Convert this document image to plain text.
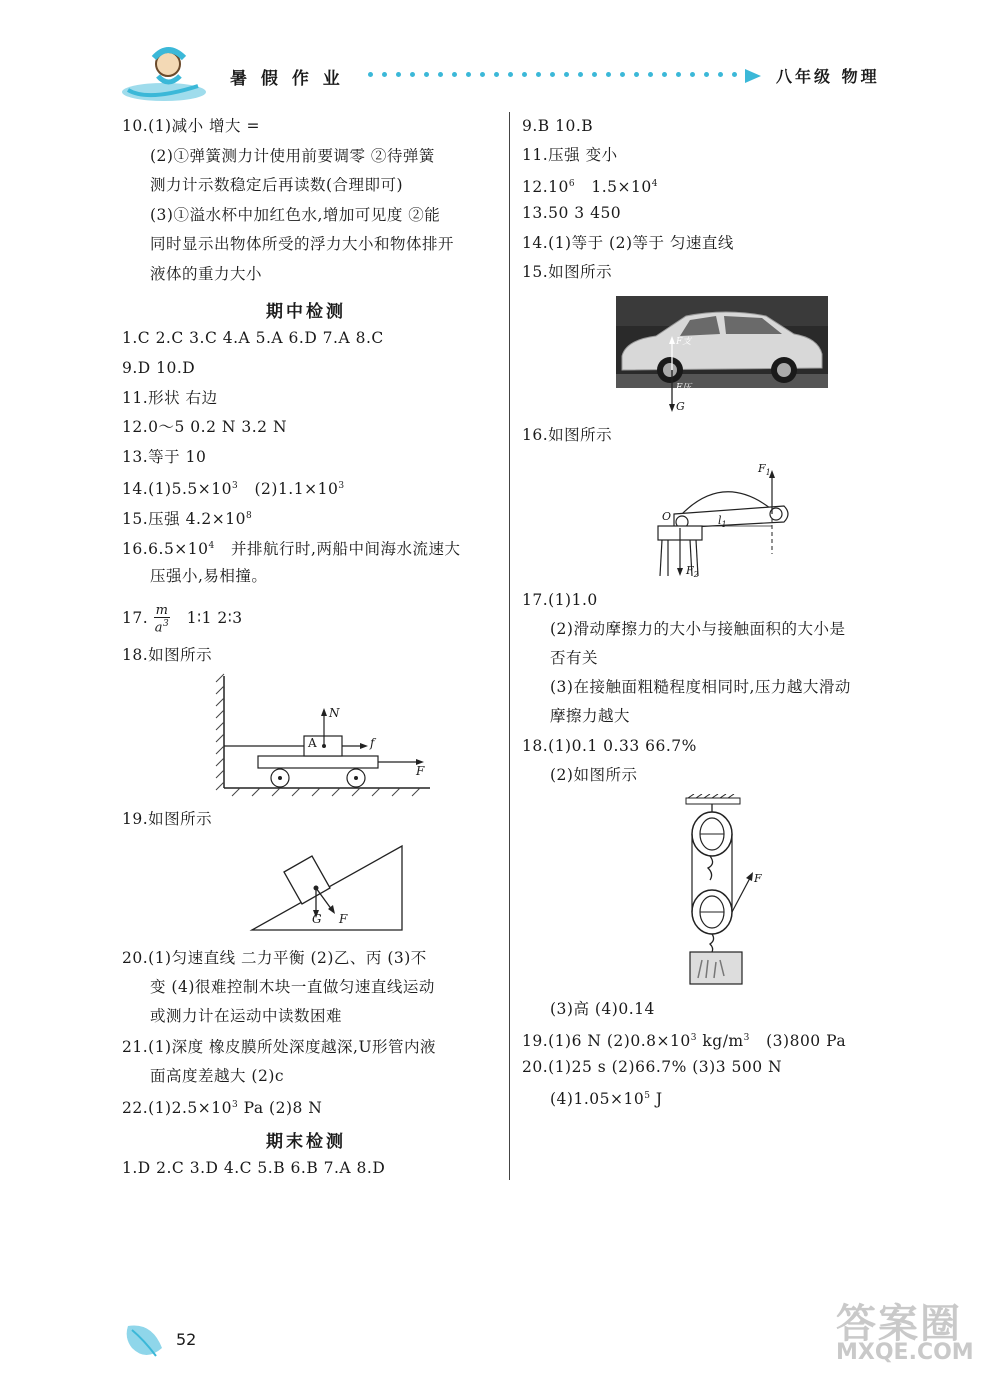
暑 假 作 业	八年级 物理
10.(1)减小 增大 =
(2)①弹簧测力计使用前要调零 ②待弹簧
测力计示数稳定后再读数(合理即可)
(3)①溢水杯中加红色水,增加可见度 ②能
同时显示出物体所受的浮力大小和物体排开
液体的重力大小
期中检测
1.C 2.C 3.C 4.A 5.A 6.D 7.A 8.C
9.D 10.D
11.形状 右边
12.0～5 0.2 N 3.2 N
13.等于 10
$14.(1)5.5\times 10^3$ $(2)1.1\times 10^3$
15.压强 $4.2\times 10^8$
$16.6.5\times 10^4$ 并排航行时,两船中间海水流速大
压强小,易相撞。
17. $\frac{m}{a^3}$ 1∶1 2∶3
18.如图所示
A
N
f
F
19.如图所示
G F
20.(1)匀速直线 二力平衡 (2)乙、丙 (3)不
变 (4)很难控制木块一直做匀速直线运动
或测力计在运动中读数困难
21.(1)深度 橡皮膜所处深度越深,U形管内液
面高度差越大 (2)c
$22.(1)2.5\times 10^3$ Pa (2)8 N
期末检测
1.D 2.C 3.D 4.C 5.B 6.B 7.A 8.D
9.B 10.B
11.压强 变小
12.10$^6$ $1.5\times 10^4$
13.50 3 450
14.(1)等于 (2)等于 匀速直线
15.如图所示
F支
F压
G
16.如图所示
$F_1$
O	$l_1$
$F_2$
17.(1)1.0
(2)滑动摩擦力的大小与接触面积的大小是
否有关
(3)在接触面粗糙程度相同时,压力越大滑动
摩擦力越大
18.(1)0.1 0.33 66.7%
(2)如图所示
F
(3)高 (4)0.14
19.(1)6 N $(2)0.8\times 10^3$ $kg/m^3$ (3)800 Pa
20.(1)25 s (2)66.7% (3)3 500 N
$(4)1.05\times 10^5$ J
52	答案圈
MXQE.COM
